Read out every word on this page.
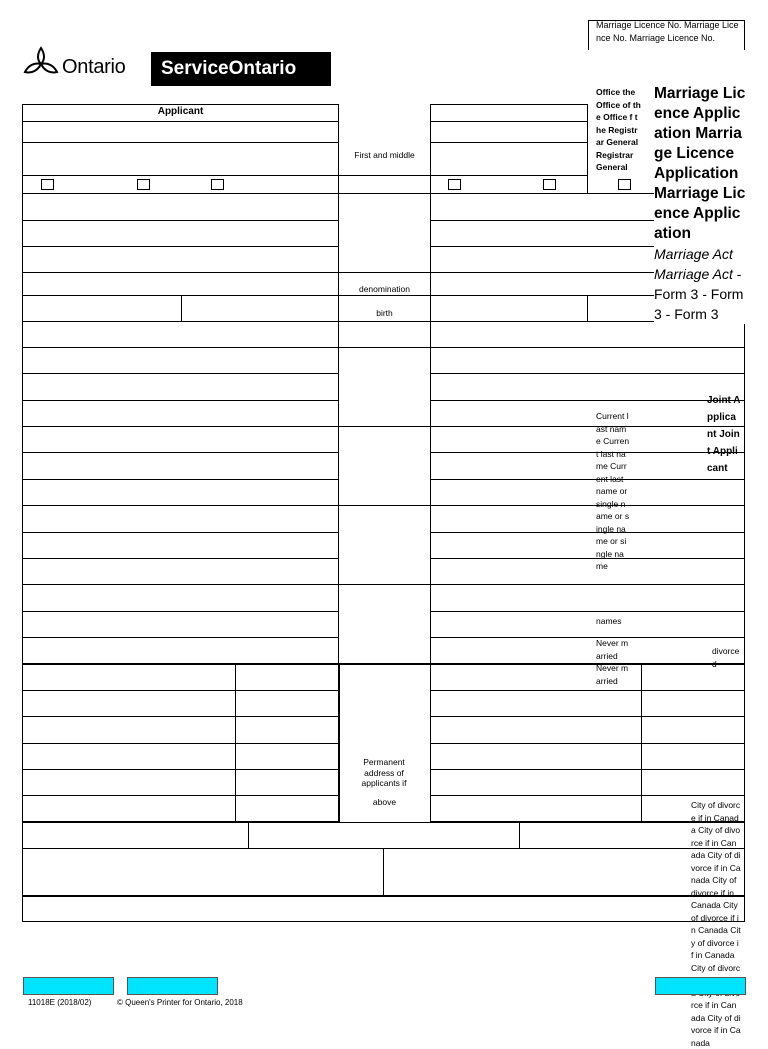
Ontario ServiceOntario
Marriage Licence No. Marriage Licence No. Marriage Licence No.
Applicant
First and middle
denomination
birth
Permanent address of applicants if
above
Office the Office of the Office f the Registrar General Registrar General
Marriage Licence Application Marriage Licence Application Marriage Licence Application
Marriage Act Marriage Act - Form 3 - Form 3 - Form 3
Joint Applicant Joint Applicant
Current last name Current last name Current last name or single name or single name or single name
names
Never married
Never married
divorced
City of divorce if in Canada City of divorce if in Canada City of divorce if in Canada City of divorce if in Canada City of divorce if in Canada City of divorce if in Canada City of divorc rce if in Canada City of divorce if in Canada
11018E (2018/02)	© Queen's Printer for Ontario, 2018
